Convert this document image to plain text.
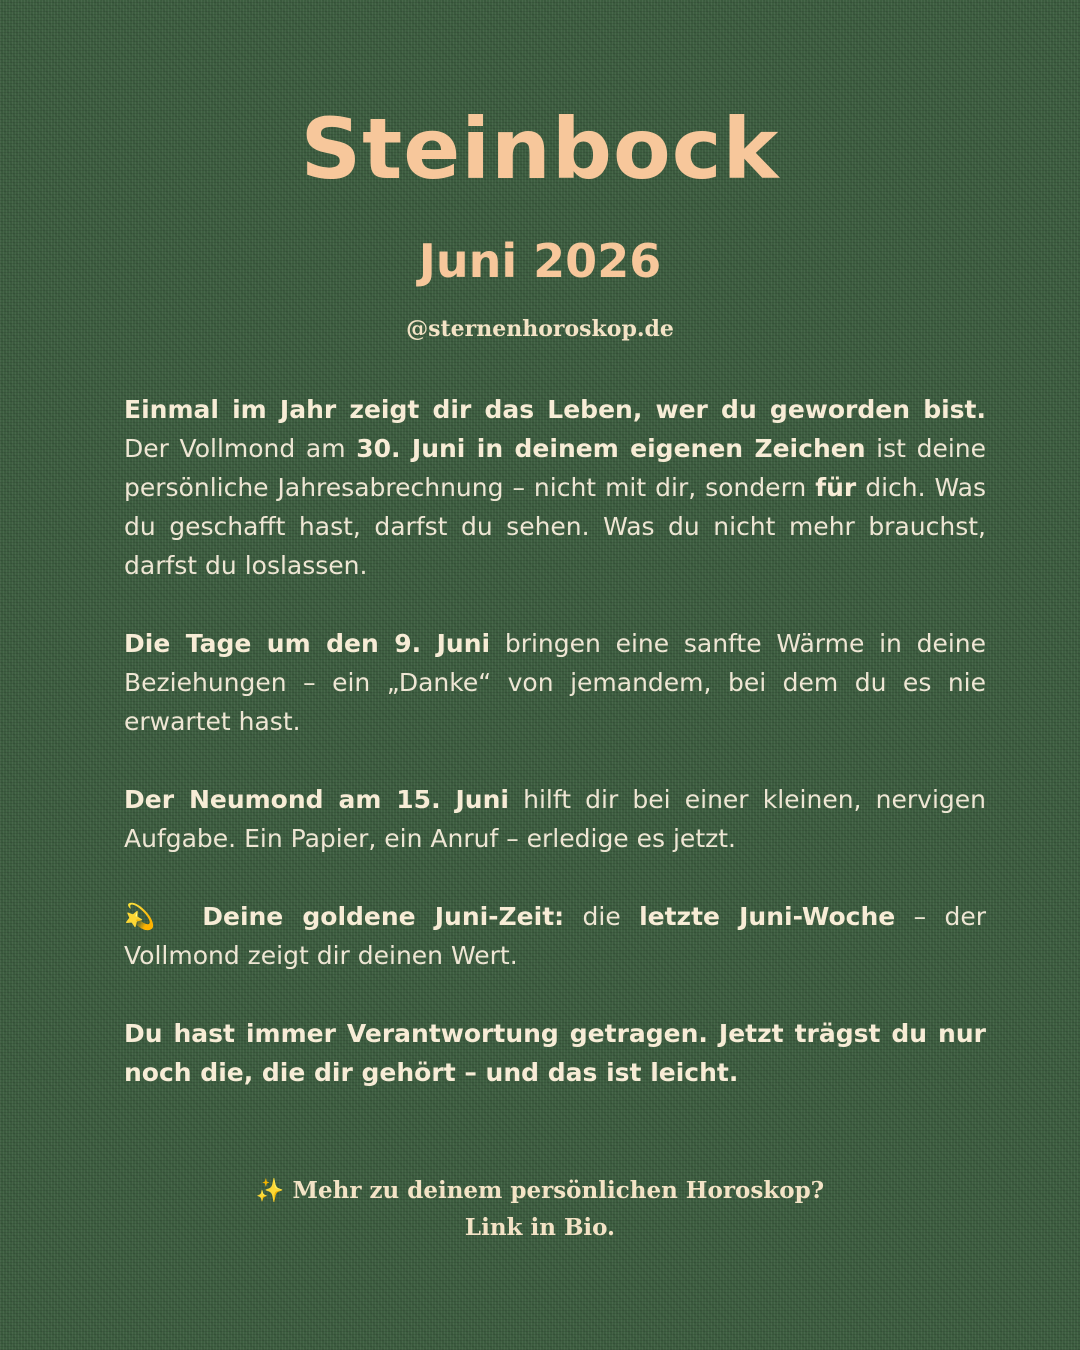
Steinbock
Juni 2026
@sternenhoroskop.de

Einmal im Jahr zeigt dir das Leben, wer du geworden bist. Der Vollmond am 30. Juni in deinem eigenen Zeichen ist deine persönliche Jahresabrechnung – nicht mit dir, sondern für dich. Was du geschafft hast, darfst du sehen. Was du nicht mehr brauchst, darfst du loslassen.

Die Tage um den 9. Juni bringen eine sanfte Wärme in deine Beziehungen – ein „Danke“ von jemandem, bei dem du es nie erwartet hast.

Der Neumond am 15. Juni hilft dir bei einer kleinen, nervigen Aufgabe. Ein Papier, ein Anruf – erledige es jetzt.

💫 Deine goldene Juni-Zeit: die letzte Juni-Woche – der Vollmond zeigt dir deinen Wert.

Du hast immer Verantwortung getragen. Jetzt trägst du nur noch die, die dir gehört – und das ist leicht.

✨ Mehr zu deinem persönlichen Horoskop?
Link in Bio.
